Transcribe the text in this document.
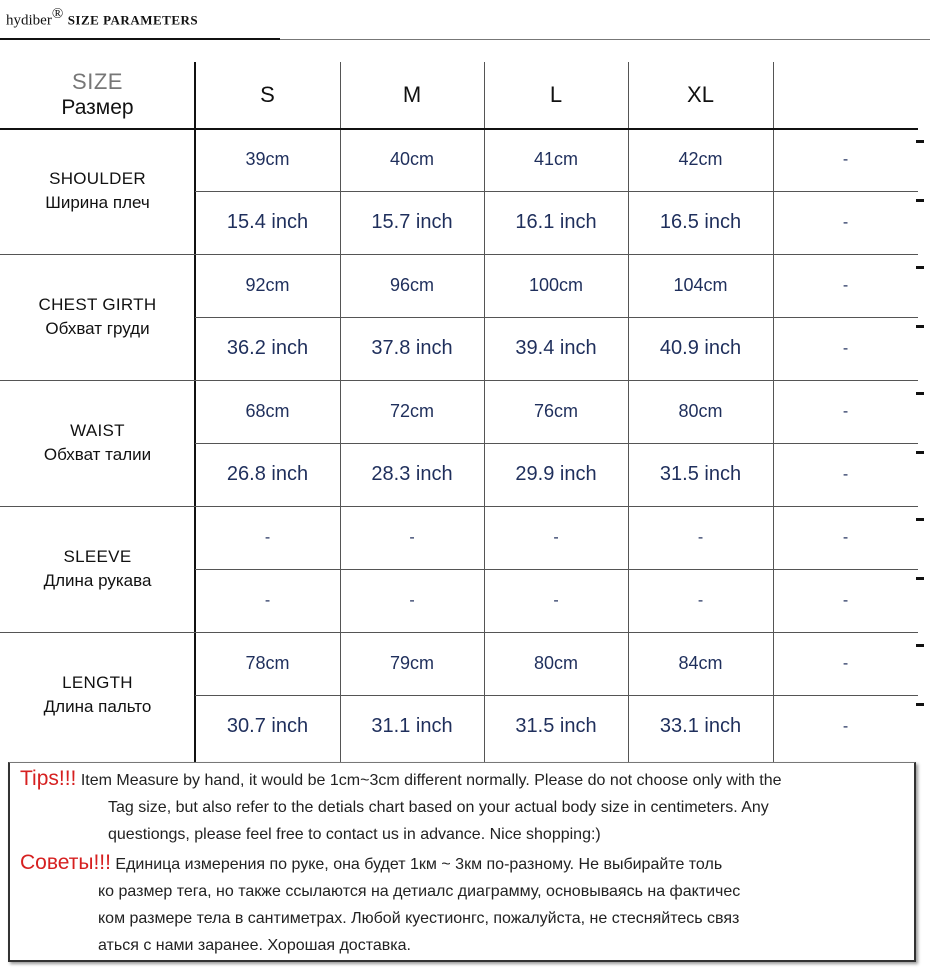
hydiber® SIZE PARAMETERS
SIZE
Размер
S	M	L	XL
SHOULDER
Ширина плеч
39cm	40cm	41cm	42cm	-
15.4 inch	15.7 inch	16.1 inch	16.5 inch	-
CHEST GIRTH
Обхват груди
92cm	96cm	100cm	104cm	-
36.2 inch	37.8 inch	39.4 inch	40.9 inch	-
WAIST
Обхват талии
68cm	72cm	76cm	80cm	-
26.8 inch	28.3 inch	29.9 inch	31.5 inch	-
SLEEVE
Длина рукава
-	-	-	-	-
-	-	-	-	-
LENGTH
Длина пальто
78cm	79cm	80cm	84cm	-
30.7 inch	31.1 inch	31.5 inch	33.1 inch	-
Tips!!! Item Measure by hand, it would be 1cm~3cm different normally. Please do not choose only with the
Tag size, but also refer to the detials chart based on your actual body size in centimeters. Any
questiongs, please feel free to contact us in advance. Nice shopping:)
Советы!!! Единица измерения по руке, она будет 1км ~ 3км по-разному. Не выбирайте толь
ко размер тега, но также ссылаются на детиалс диаграмму, основываясь на фактичес
ком размере тела в сантиметрах. Любой куестионгс, пожалуйста, не стесняйтесь связ
аться с нами заранее. Хорошая доставка.
